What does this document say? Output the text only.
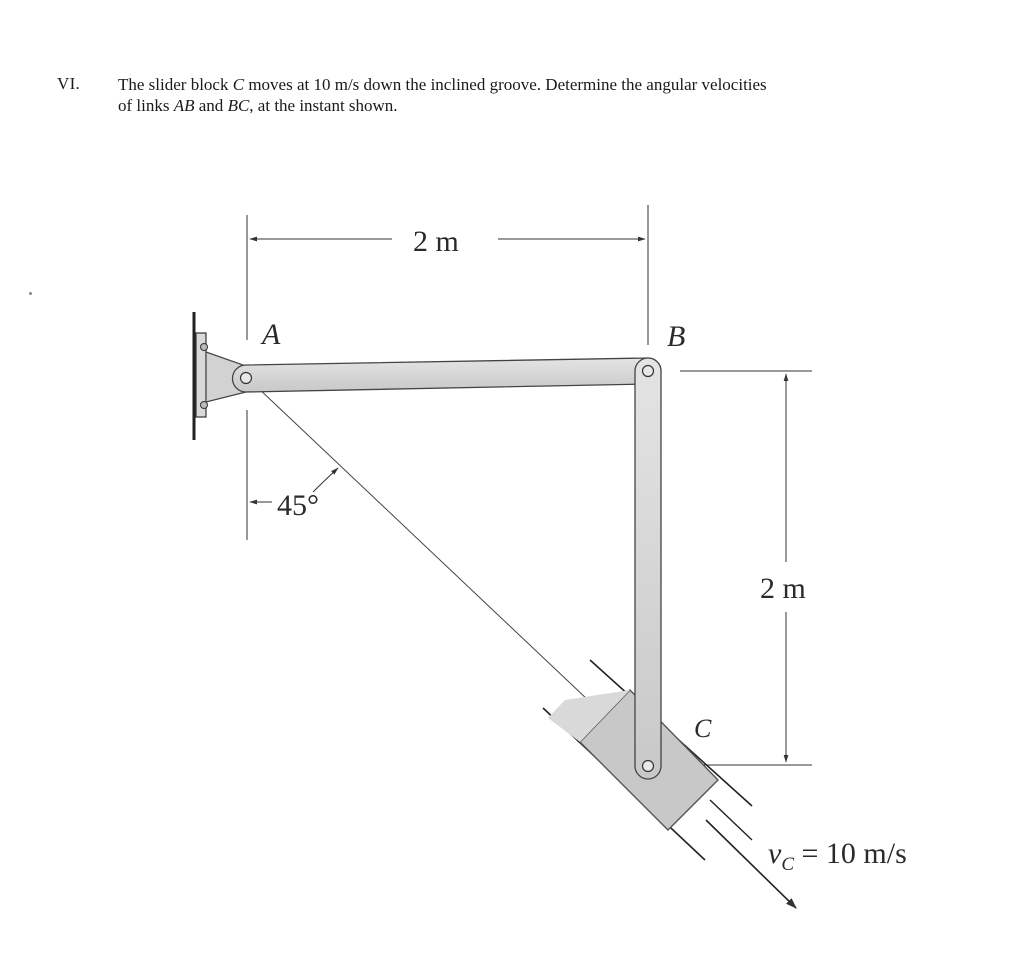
VI. The slider block C moves at 10 m/s down the inclined groove. Determine the angular velocities

of links AB and BC, at the instant shown.

A	B
C
2 m
2 m
45°
$v_C = 10$ m/s
